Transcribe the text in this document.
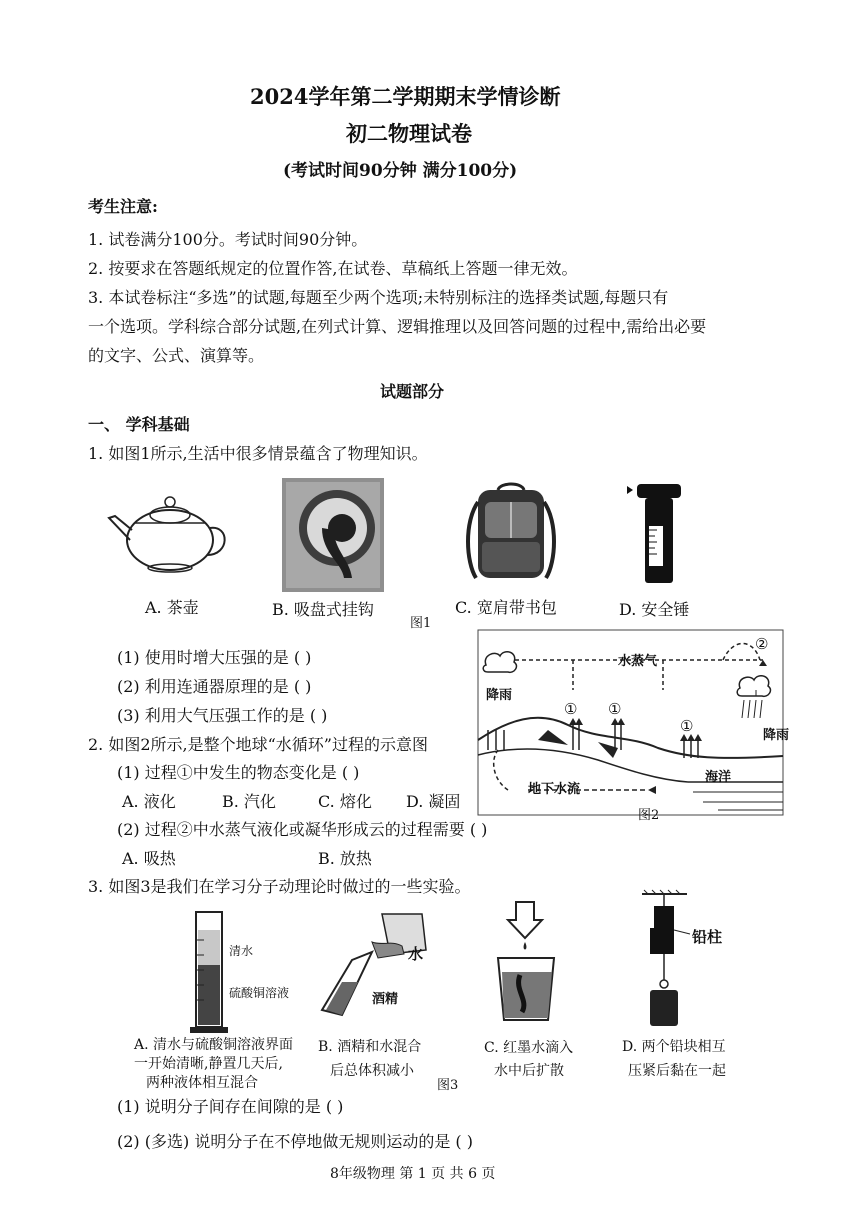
2024学年第二学期期末学情诊断
初二物理试卷
(考试时间90分钟 满分100分)
考生注意:
1. 试卷满分100分。考试时间90分钟。
2. 按要求在答题纸规定的位置作答,在试卷、草稿纸上答题一律无效。
3. 本试卷标注“多选”的试题,每题至少两个选项;未特别标注的选择类试题,每题只有
一个选项。学科综合部分试题,在列式计算、逻辑推理以及回答问题的过程中,需给出必要
的文字、公式、演算等。
试题部分
一、 学科基础
1. 如图1所示,生活中很多情景蕴含了物理知识。
A. 茶壶	B. 吸盘式挂钩	C. 宽肩带书包	D. 安全锤
图1
(1) 使用时增大压强的是 ( )
(2) 利用连通器原理的是 ( )
(3) 利用大气压强工作的是 ( )
2. 如图2所示,是整个地球“水循环”过程的示意图
(1) 过程①中发生的物态变化是 ( )
A. 液化	B. 汽化	C. 熔化 D. 凝固
(2) 过程②中水蒸气液化或凝华形成云的过程需要 ( )
A. 吸热	B. 放热
水蒸气
降雨
降雨
海洋
地下水流
① ①
①
②
图2
3. 如图3是我们在学习分子动理论时做过的一些实验。
清水
硫酸铜溶液
水
酒精
铅柱
A. 清水与硫酸铜溶液界面
一开始清晰,静置几天后,
两种液体相互混合
B. 酒精和水混合
后总体积减小
C. 红墨水滴入
水中后扩散
D. 两个铅块相互
压紧后黏在一起
图3
(1) 说明分子间存在间隙的是 ( )
(2) (多选) 说明分子在不停地做无规则运动的是 ( )
8年级物理 第 1 页 共 6 页
